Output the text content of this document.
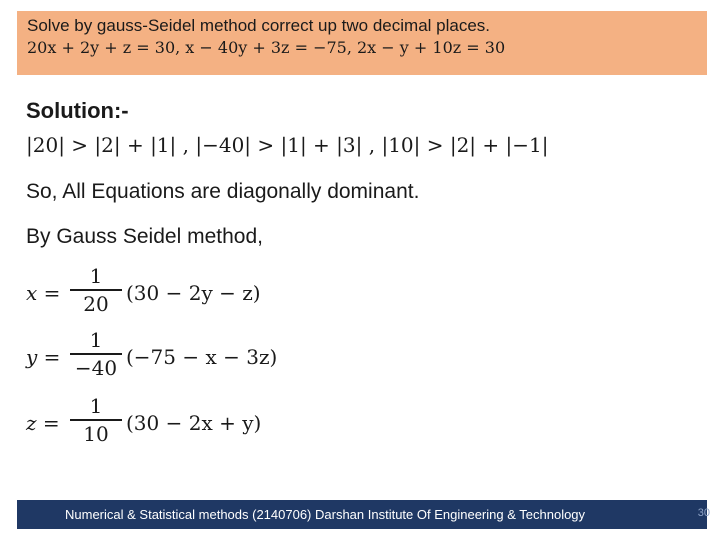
Solve by gauss-Seidel method correct up two decimal places.
20x + 2y + z = 30, x − 40y + 3z = −75, 2x − y + 10z = 30
Solution:-
|20| > |2| + |1| , |−40| > |1| + |3| , |10| > |2| + |−1|
So, All Equations are diagonally dominant.
By Gauss Seidel method,
x =
1
20 (30 − 2y − z)
y =
1
−40 (−75 − x − 3z)
z =
1
10 (30 − 2x + y)
Numerical & Statistical methods (2140706) Darshan Institute Of Engineering & Technology	30
